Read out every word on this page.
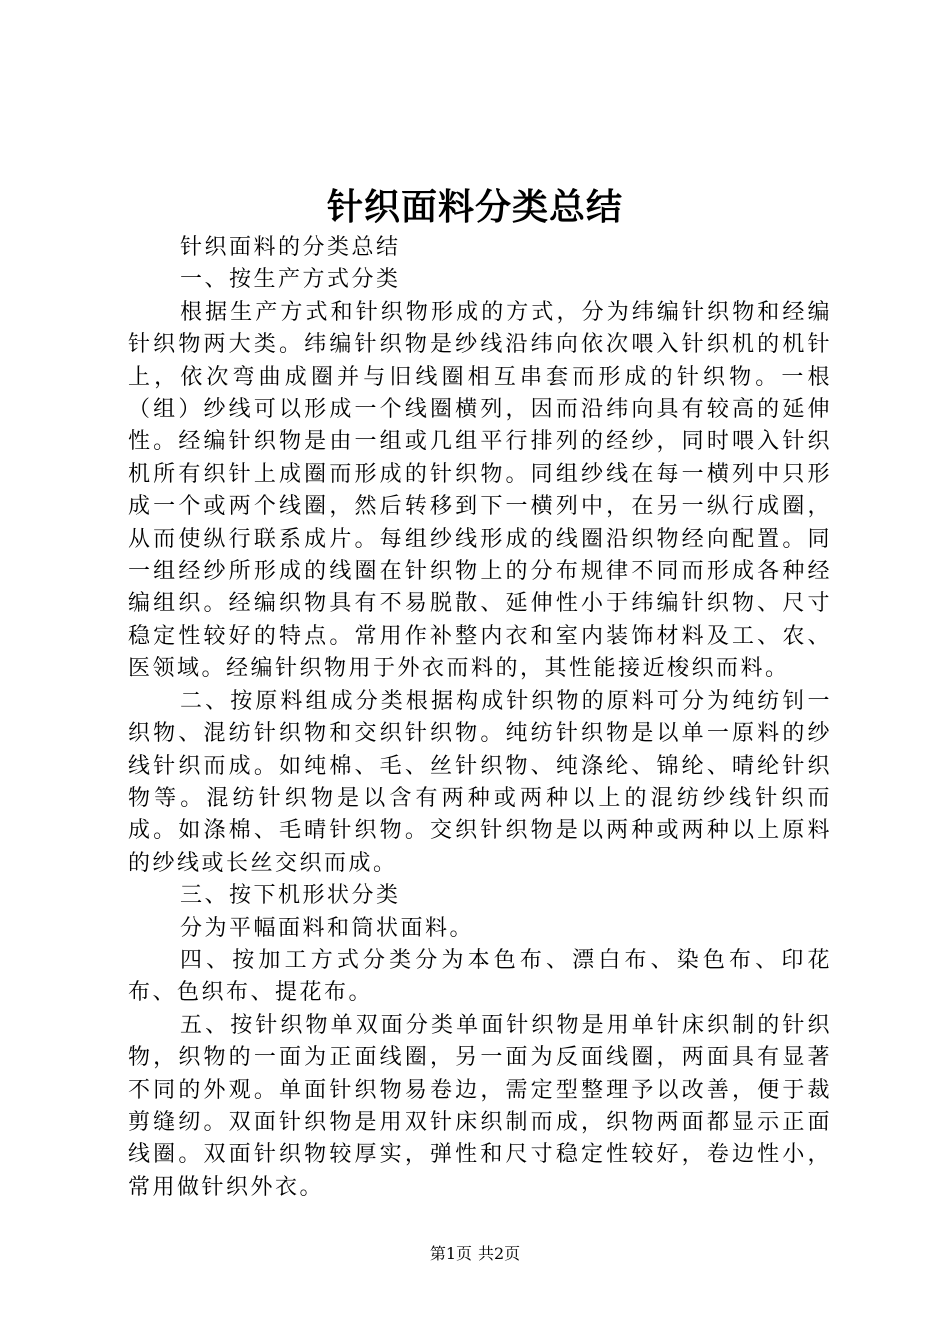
针织面料分类总结

针织面料的分类总结

一、按生产方式分类

根据生产方式和针织物形成的方式，分为纬编针织物和经编针织物两大类。纬编针织物是纱线沿纬向依次喂入针织机的机针上，依次弯曲成圈并与旧线圈相互串套而形成的针织物。一根（组）纱线可以形成一个线圈横列，因而沿纬向具有较高的延伸性。经编针织物是由一组或几组平行排列的经纱，同时喂入针织机所有织针上成圈而形成的针织物。同组纱线在每一横列中只形成一个或两个线圈，然后转移到下一横列中，在另一纵行成圈，从而使纵行联系成片。每组纱线形成的线圈沿织物经向配置。同一组经纱所形成的线圈在针织物上的分布规律不同而形成各种经编组织。经编织物具有不易脱散、延伸性小于纬编针织物、尺寸稳定性较好的特点。常用作补整内衣和室内装饰材料及工、农、医领域。经编针织物用于外衣而料的，其性能接近梭织而料。

二、按原料组成分类根据构成针织物的原料可分为纯纺钊一织物、混纺针织物和交织针织物。纯纺针织物是以单一原料的纱线针织而成。如纯棉、毛、丝针织物、纯涤纶、锦纶、晴纶针织物等。混纺针织物是以含有两种或两种以上的混纺纱线针织而成。如涤棉、毛晴针织物。交织针织物是以两种或两种以上原料的纱线或长丝交织而成。

三、按下机形状分类

分为平幅面料和筒状面料。

四、按加工方式分类分为本色布、漂白布、染色布、印花布、色织布、提花布。

五、按针织物单双面分类单面针织物是用单针床织制的针织物，织物的一面为正面线圈，另一面为反面线圈，两面具有显著不同的外观。单面针织物易卷边，需定型整理予以改善，便于裁剪缝纫。双面针织物是用双针床织制而成，织物两面都显示正面线圈。双面针织物较厚实，弹性和尺寸稳定性较好，卷边性小，常用做针织外衣。

第1页 共2页
